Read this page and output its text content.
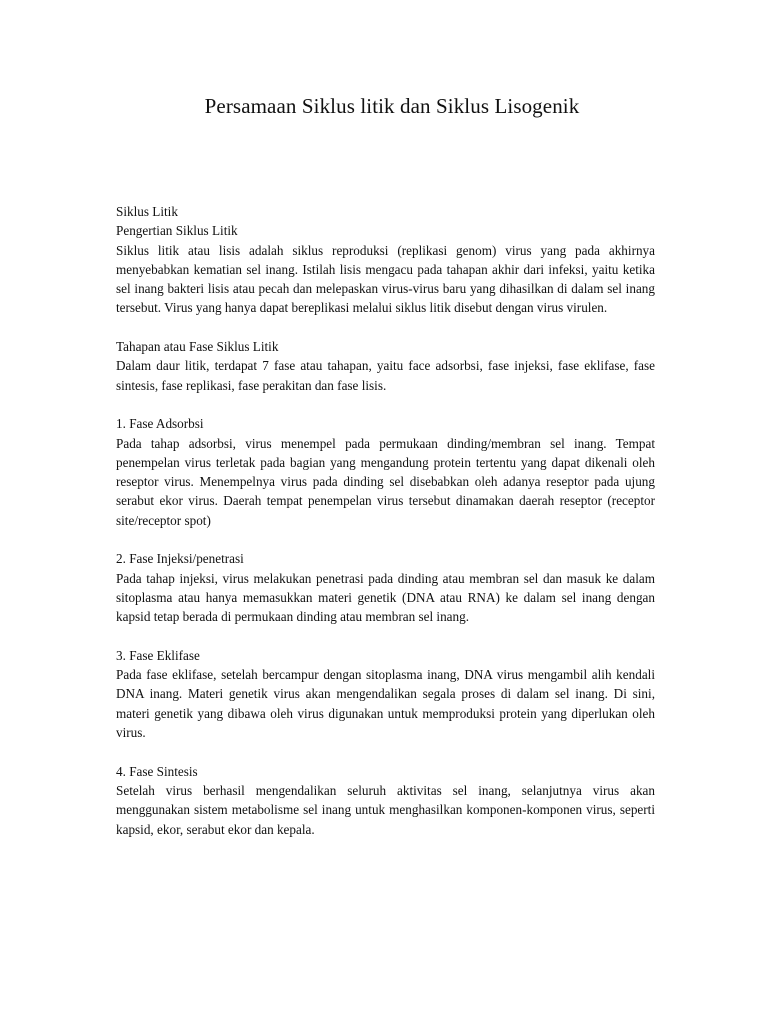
Persamaan Siklus litik dan Siklus Lisogenik

Siklus Litik

Pengertian Siklus Litik

Siklus litik atau lisis adalah siklus reproduksi (replikasi genom) virus yang pada akhirnya menyebabkan kematian sel inang. Istilah lisis mengacu pada tahapan akhir dari infeksi, yaitu ketika sel inang bakteri lisis atau pecah dan melepaskan virus-virus baru yang dihasilkan di dalam sel inang tersebut. Virus yang hanya dapat bereplikasi melalui siklus litik disebut dengan virus virulen.

Tahapan atau Fase Siklus Litik

Dalam daur litik, terdapat 7 fase atau tahapan, yaitu face adsorbsi, fase injeksi, fase eklifase, fase sintesis, fase replikasi, fase perakitan dan fase lisis.

1. Fase Adsorbsi

Pada tahap adsorbsi, virus menempel pada permukaan dinding/membran sel inang. Tempat penempelan virus terletak pada bagian yang mengandung protein tertentu yang dapat dikenali oleh reseptor virus. Menempelnya virus pada dinding sel disebabkan oleh adanya reseptor pada ujung serabut ekor virus. Daerah tempat penempelan virus tersebut dinamakan daerah reseptor (receptor site/receptor spot)

2. Fase Injeksi/penetrasi

Pada tahap injeksi, virus melakukan penetrasi pada dinding atau membran sel dan masuk ke dalam sitoplasma atau hanya memasukkan materi genetik (DNA atau RNA) ke dalam sel inang dengan kapsid tetap berada di permukaan dinding atau membran sel inang.

3. Fase Eklifase

Pada fase eklifase, setelah bercampur dengan sitoplasma inang, DNA virus mengambil alih kendali DNA inang. Materi genetik virus akan mengendalikan segala proses di dalam sel inang. Di sini, materi genetik yang dibawa oleh virus digunakan untuk memproduksi protein yang diperlukan oleh virus.

4. Fase Sintesis

Setelah virus berhasil mengendalikan seluruh aktivitas sel inang, selanjutnya virus akan menggunakan sistem metabolisme sel inang untuk menghasilkan komponen-komponen virus, seperti kapsid, ekor, serabut ekor dan kepala.
